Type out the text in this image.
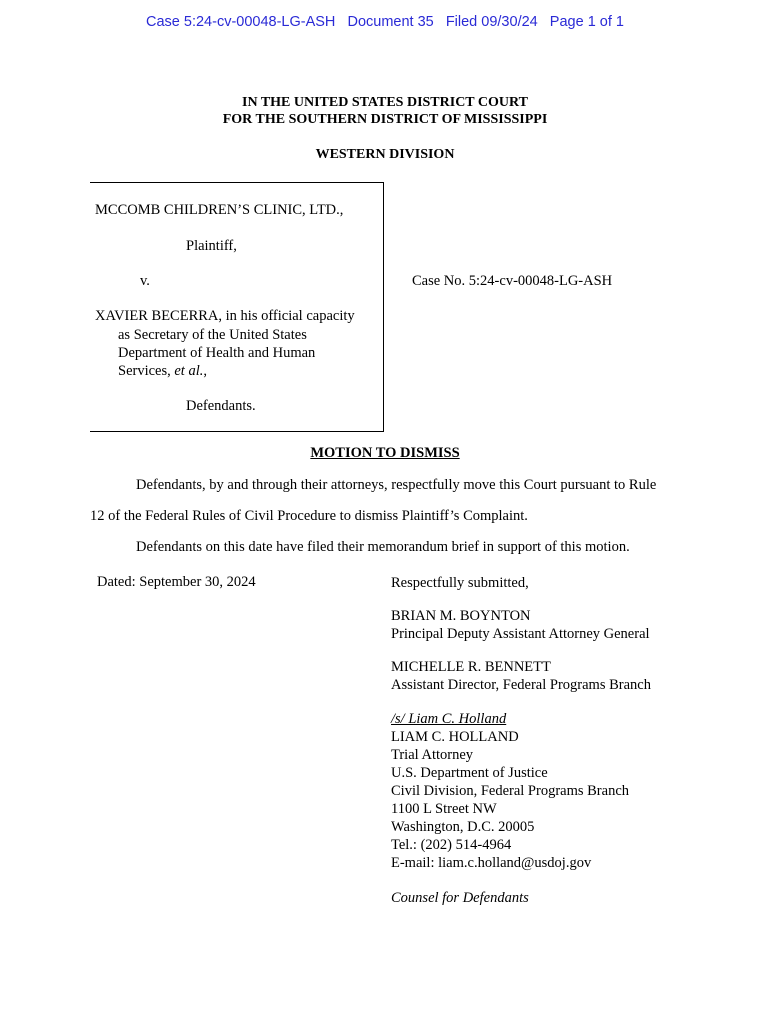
Case 5:24-cv-00048-LG-ASH   Document 35   Filed 09/30/24   Page 1 of 1
IN THE UNITED STATES DISTRICT COURT
FOR THE SOUTHERN DISTRICT OF MISSISSIPPI
WESTERN DIVISION
MCCOMB CHILDREN’S CLINIC, LTD.,
Plaintiff,
v.
XAVIER BECERRA, in his official capacity
as Secretary of the United States
Department of Health and Human
Services, et al.,
Defendants.
Case No. 5:24-cv-00048-LG-ASH
MOTION TO DISMISS
Defendants, by and through their attorneys, respectfully move this Court pursuant to Rule
12 of the Federal Rules of Civil Procedure to dismiss Plaintiff’s Complaint.
Defendants on this date have filed their memorandum brief in support of this motion.
Dated: September 30, 2024	Respectfully submitted,
BRIAN M. BOYNTON
Principal Deputy Assistant Attorney General
MICHELLE R. BENNETT
Assistant Director, Federal Programs Branch
/s/ Liam C. Holland
LIAM C. HOLLAND
Trial Attorney
U.S. Department of Justice
Civil Division, Federal Programs Branch
1100 L Street NW
Washington, D.C. 20005
Tel.: (202) 514-4964
E-mail: liam.c.holland@usdoj.gov
Counsel for Defendants
